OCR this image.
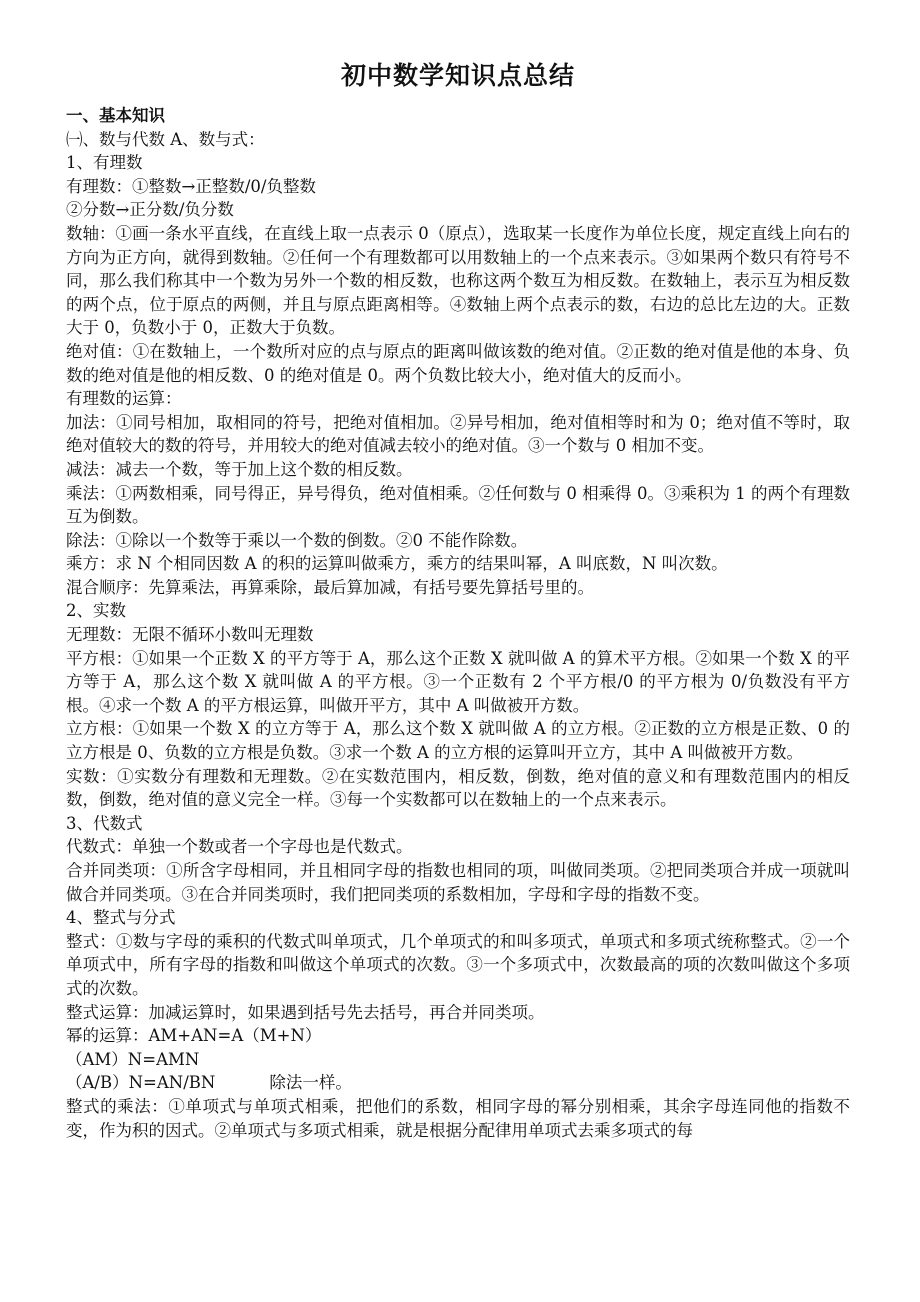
初中数学知识点总结

一、基本知识

㈠、数与代数 A、数与式：

1、有理数

有理数：①整数→正整数/0/负整数

②分数→正分数/负分数

数轴：①画一条水平直线，在直线上取一点表示 0（原点），选取某一长度作为单位长度，规定直线上向右的方向为正方向，就得到数轴。②任何一个有理数都可以用数轴上的一个点来表示。③如果两个数只有符号不同，那么我们称其中一个数为另外一个数的相反数，也称这两个数互为相反数。在数轴上，表示互为相反数的两个点，位于原点的两侧，并且与原点距离相等。④数轴上两个点表示的数，右边的总比左边的大。正数大于 0，负数小于 0，正数大于负数。

绝对值：①在数轴上，一个数所对应的点与原点的距离叫做该数的绝对值。②正数的绝对值是他的本身、负数的绝对值是他的相反数、0 的绝对值是 0。两个负数比较大小，绝对值大的反而小。

有理数的运算：

加法：①同号相加，取相同的符号，把绝对值相加。②异号相加，绝对值相等时和为 0；绝对值不等时，取绝对值较大的数的符号，并用较大的绝对值减去较小的绝对值。③一个数与 0 相加不变。

减法：减去一个数，等于加上这个数的相反数。

乘法：①两数相乘，同号得正，异号得负，绝对值相乘。②任何数与 0 相乘得 0。③乘积为 1 的两个有理数互为倒数。

除法：①除以一个数等于乘以一个数的倒数。②0 不能作除数。

乘方：求 N 个相同因数 A 的积的运算叫做乘方，乘方的结果叫幂，A 叫底数，N 叫次数。

混合顺序：先算乘法，再算乘除，最后算加减，有括号要先算括号里的。

2、实数

无理数：无限不循环小数叫无理数

平方根：①如果一个正数 X 的平方等于 A，那么这个正数 X 就叫做 A 的算术平方根。②如果一个数 X 的平方等于 A，那么这个数 X 就叫做 A 的平方根。③一个正数有 2 个平方根/0 的平方根为 0/负数没有平方根。④求一个数 A 的平方根运算，叫做开平方，其中 A 叫做被开方数。

立方根：①如果一个数 X 的立方等于 A，那么这个数 X 就叫做 A 的立方根。②正数的立方根是正数、0 的立方根是 0、负数的立方根是负数。③求一个数 A 的立方根的运算叫开立方，其中 A 叫做被开方数。

实数：①实数分有理数和无理数。②在实数范围内，相反数，倒数，绝对值的意义和有理数范围内的相反数，倒数，绝对值的意义完全一样。③每一个实数都可以在数轴上的一个点来表示。

3、代数式

代数式：单独一个数或者一个字母也是代数式。

合并同类项：①所含字母相同，并且相同字母的指数也相同的项，叫做同类项。②把同类项合并成一项就叫做合并同类项。③在合并同类项时，我们把同类项的系数相加，字母和字母的指数不变。

4、整式与分式

整式：①数与字母的乘积的代数式叫单项式，几个单项式的和叫多项式，单项式和多项式统称整式。②一个单项式中，所有字母的指数和叫做这个单项式的次数。③一个多项式中，次数最高的项的次数叫做这个多项式的次数。

整式运算：加减运算时，如果遇到括号先去括号，再合并同类项。

幂的运算：AM+AN=A（M+N）

（AM）N=AMN

（A/B）N=AN/BN	除法一样。

整式的乘法：①单项式与单项式相乘，把他们的系数，相同字母的幂分别相乘，其余字母连同他的指数不变，作为积的因式。②单项式与多项式相乘，就是根据分配律用单项式去乘多项式的每
